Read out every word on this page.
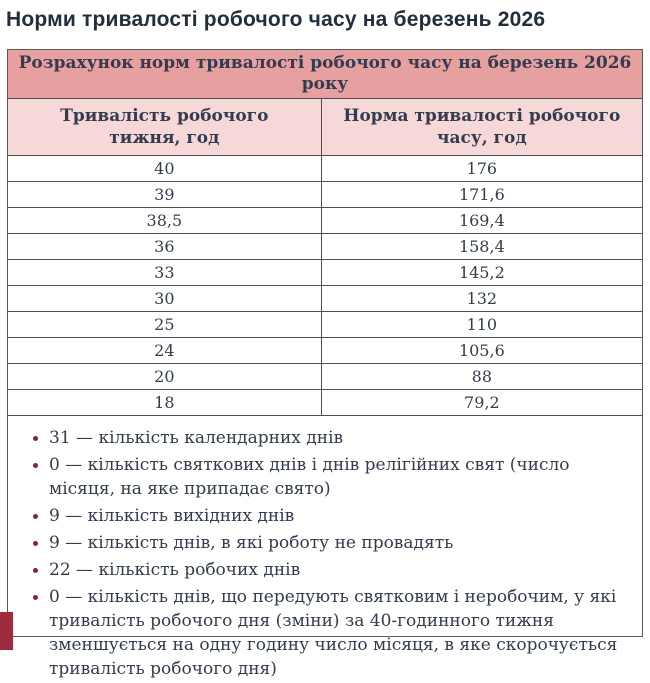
Норми тривалості робочого часу на березень 2026
Розрахунок норм тривалості робочого часу на березень 2026 року	
Тривалість робочого тижня, год	Норма тривалості робочого часу, год
40	176
39	171,6
38,5	169,4
36	158,4
33	145,2
30	132
25	110
24	105,6
20	88
18	79,2
• 31 — кількість календарних днів
• 0 — кількість святкових днів і днів релігійних свят (число місяця, на яке припадає свято)
• 9 — кількість вихідних днів
• 9 — кількість днів, в які роботу не провадять
• 22 — кількість робочих днів
• 0 — кількість днів, що передують святковим і неробочим, у які тривалість робочого дня (зміни) за 40-годинного тижня зменшується на одну годину число місяця, в яке скорочується тривалість робочого дня)
